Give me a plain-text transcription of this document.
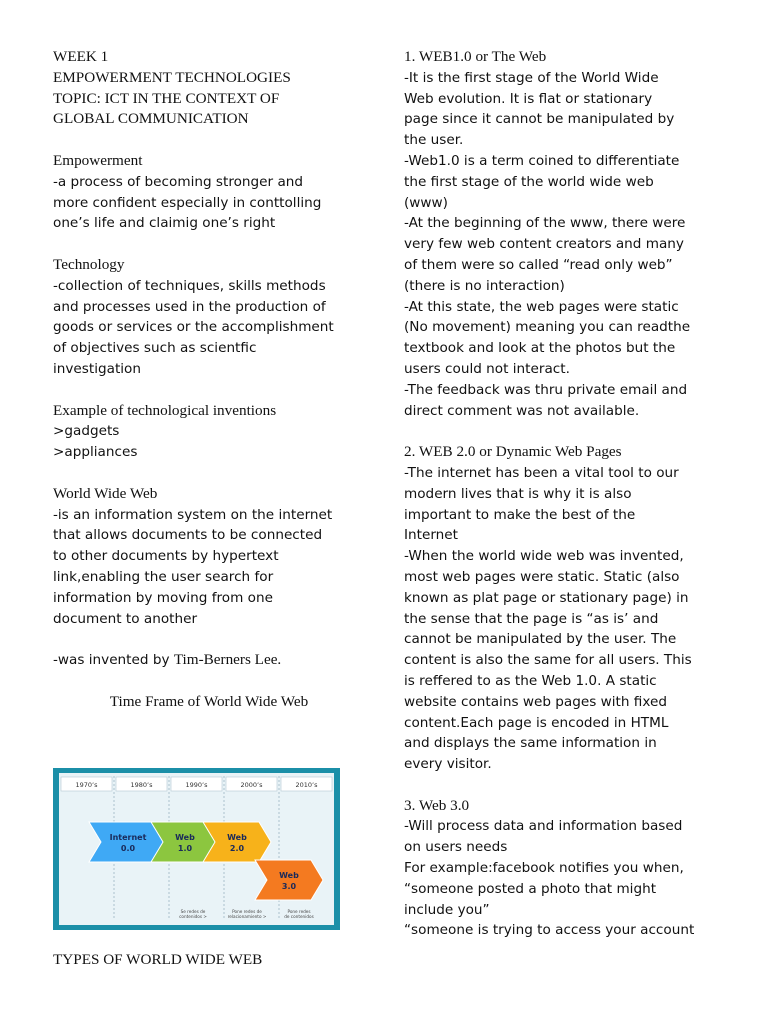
WEEK 1
EMPOWERMENT TECHNOLOGIES
TOPIC: ICT IN THE CONTEXT OF
GLOBAL COMMUNICATION
Empowerment
-a process of becoming stronger and
more confident especially in conttolling
one’s life and claimig one’s right
Technology
-collection of techniques, skills methods
and processes used in the production of
goods or services or the accomplishment
of objectives such as scientfic
investigation
Example of technological inventions
>gadgets
>appliances
World Wide Web
-is an information system on the internet
that allows documents to be connected
to other documents by hypertext
link,enabling the user search for
information by moving from one
document to another
-was invented by Tim-Berners Lee.
Time Frame of World Wide Web
1970’s	1980’s	1990’s	2000’s	2010’s
Internet
0.0
Web
1.0
Web
2.0
Web
3.0
Se redes de
contenidos >
Pone redes de
relacionamiento >
Pone redes
de contenidos
TYPES OF WORLD WIDE WEB
1. WEB1.0 or The Web
-It is the first stage of the World Wide
Web evolution. It is flat or stationary
page since it cannot be manipulated by
the user.
-Web1.0 is a term coined to differentiate
the first stage of the world wide web
(www)
-At the beginning of the www, there were
very few web content creators and many
of them were so called “read only web”
(there is no interaction)
-At this state, the web pages were static
(No movement) meaning you can readthe
textbook and look at the photos but the
users could not interact.
-The feedback was thru private email and
direct comment was not available.
2. WEB 2.0 or Dynamic Web Pages
-The internet has been a vital tool to our
modern lives that is why it is also
important to make the best of the
Internet
-When the world wide web was invented,
most web pages were static. Static (also
known as plat page or stationary page) in
the sense that the page is “as is’ and
cannot be manipulated by the user. The
content is also the same for all users. This
is reffered to as the Web 1.0. A static
website contains web pages with fixed
content.Each page is encoded in HTML
and displays the same information in
every visitor.
3. Web 3.0
-Will process data and information based
on users needs
For example:facebook notifies you when,
“someone posted a photo that might
include you”
“someone is trying to access your account
